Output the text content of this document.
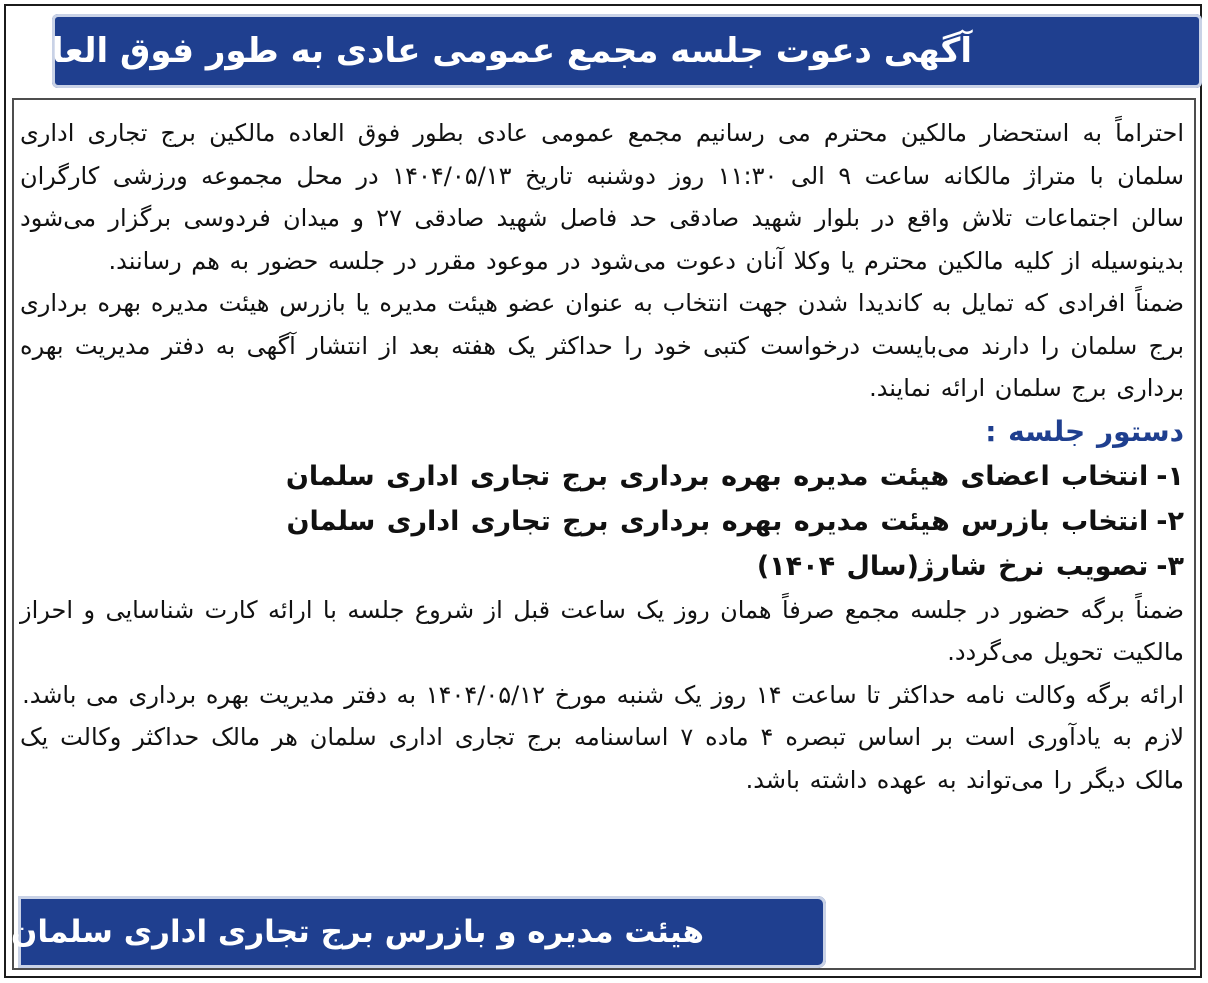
آگهی دعوت جلسه مجمع عمومی عادی به طور فوق العاده

احتراماً به استحضار مالکین محترم می رسانیم مجمع عمومی عادی بطور فوق العاده مالکین برج تجاری اداری سلمان با متراژ مالکانه ساعت ۹ الی ۱۱:۳۰ روز دوشنبه تاریخ ۱۴۰۴/۰۵/۱۳ در محل مجموعه ورزشی کارگران سالن اجتماعات تلاش واقع در بلوار شهید صادقی حد فاصل شهید صادقی ۲۷ و میدان فردوسی برگزار می‌شود بدینوسیله از کلیه مالکین محترم یا وکلا آنان دعوت می‌شود در موعود مقرر در جلسه حضور به هم رسانند.

ضمناً افرادی که تمایل به کاندیدا شدن جهت انتخاب به عنوان عضو هیئت مدیره یا بازرس هیئت مدیره بهره برداری برج سلمان را دارند می‌بایست درخواست کتبی خود را حداکثر یک هفته بعد از انتشار آگهی به دفتر مدیریت بهره برداری برج سلمان ارائه نمایند.

دستور جلسه :
۱-انتخاب اعضای هیئت مدیره بهره برداری برج تجاری اداری سلمان
۲-انتخاب بازرس هیئت مدیره بهره برداری برج تجاری اداری سلمان
۳-تصویب نرخ شارژ(سال ۱۴۰۴)

ضمناً برگه حضور در جلسه مجمع صرفاً همان روز یک ساعت قبل از شروع جلسه با ارائه کارت شناسایی و احراز مالکیت تحویل می‌گردد.

ارائه برگه وکالت نامه حداکثر تا ساعت ۱۴ روز یک شنبه مورخ ۱۴۰۴/۰۵/۱۲ به دفتر مدیریت بهره برداری می باشد.

لازم به یادآوری است بر اساس تبصره ۴ ماده ۷ اساسنامه برج تجاری اداری سلمان هر مالک حداکثر وکالت یک مالک دیگر را می‌تواند به عهده داشته باشد.

هیئت مدیره و بازرس برج تجاری اداری سلمان
